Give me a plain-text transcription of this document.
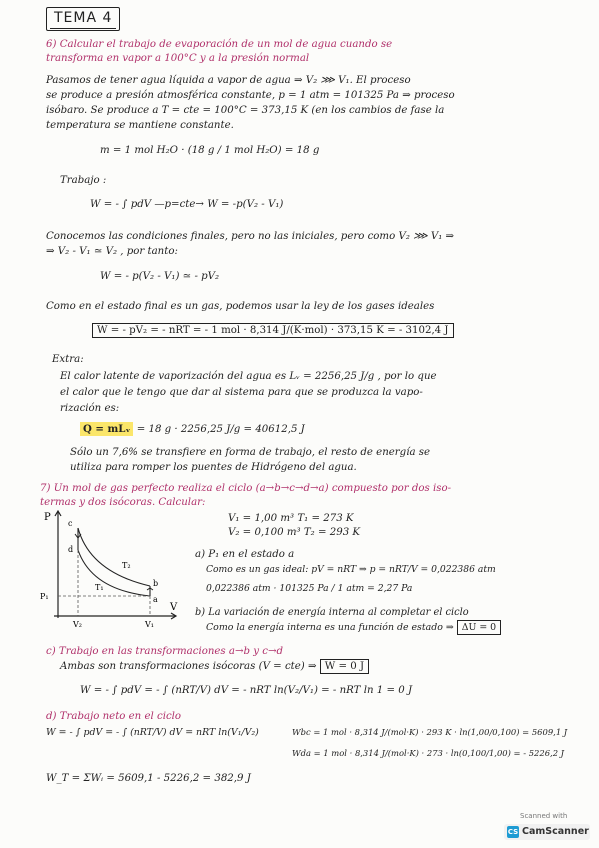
TEMA 4
6) Calcular el trabajo de evaporación de un mol de agua cuando se
transforma en vapor a 100°C y a la presión normal
Pasamos de tener agua líquida a vapor de agua ⇒ V₂ ⋙ V₁. El proceso
se produce a presión atmosférica constante, p = 1 atm = 101325 Pa ⇒ proceso
isóbaro. Se produce a T = cte = 100°C = 373,15 K (en los cambios de fase la
temperatura se mantiene constante.
m = 1 mol H₂O · (18 g / 1 mol H₂O) = 18 g
Trabajo :
W = - ∫ pdV —p=cte→ W = -p(V₂ - V₁)
Conocemos las condiciones finales, pero no las iniciales, pero como V₂ ⋙ V₁ ⇒
⇒ V₂ - V₁ ≃ V₂ , por tanto:
W = - p(V₂ - V₁) ≃ - pV₂
Como en el estado final es un gas, podemos usar la ley de los gases ideales
W = - pV₂ = - nRT = - 1 mol · 8,314 J/(K·mol) · 373,15 K = - 3102,4 J
Extra:
El calor latente de vaporización del agua es Lᵥ = 2256,25 J/g , por lo que
el calor que le tengo que dar al sistema para que se produzca la vapo-
rización es:
Q = mLᵥ = 18 g · 2256,25 J/g = 40612,5 J
Sólo un 7,6% se transfiere en forma de trabajo, el resto de energía se
utiliza para romper los puentes de Hidrógeno del agua.
7) Un mol de gas perfecto realiza el ciclo (a→b→c→d→a) compuesto por dos iso-
termas y dos isócoras. Calcular:
P
V
P₁
V₂	V₁
c
d
b
a
T₂
T₁
V₁ = 1,00 m³ T₁ = 273 K
V₂ = 0,100 m³ T₂ = 293 K
a) P₁ en el estado a
Como es un gas ideal: pV = nRT ⇒ p = nRT/V = 0,022386 atm
0,022386 atm · 101325 Pa / 1 atm = 2,27 Pa
b) La variación de energía interna al completar el ciclo
Como la energía interna es una función de estado ⇒ ΔU = 0
c) Trabajo en las transformaciones a→b y c→d
Ambas son transformaciones isócoras (V = cte) ⇒ W = 0 J
W = - ∫ pdV = - ∫ (nRT/V) dV = - nRT ln(V₂/V₁) = - nRT ln 1 = 0 J
d) Trabajo neto en el ciclo
W = - ∫ pdV = - ∫ (nRT/V) dV = nRT ln(V₁/V₂)	Wbc = 1 mol · 8,314 J/(mol·K) · 293 K · ln(1,00/0,100) = 5609,1 J
Wda = 1 mol · 8,314 J/(mol·K) · 273 · ln(0,100/1,00) = - 5226,2 J
W_T = ΣWᵢ = 5609,1 - 5226,2 = 382,9 J
Scanned with
CS CamScanner
